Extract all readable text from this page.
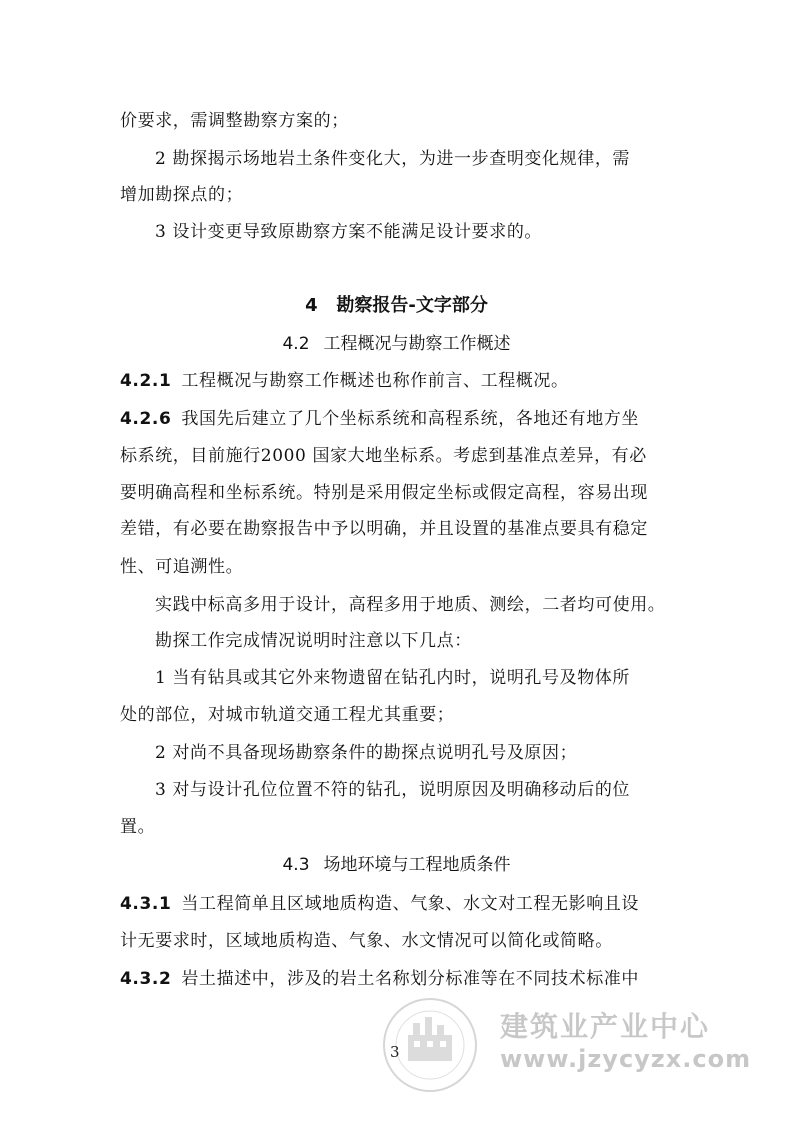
价要求，需调整勘察方案的；
2 勘探揭示场地岩土条件变化大，为进一步查明变化规律，需
增加勘探点的；
3 设计变更导致原勘察方案不能满足设计要求的。
4 勘察报告-文字部分
4.2 工程概况与勘察工作概述
4.2.1 工程概况与勘察工作概述也称作前言、工程概况。
4.2.6 我国先后建立了几个坐标系统和高程系统，各地还有地方坐
标系统，目前施行2000 国家大地坐标系。考虑到基准点差异，有必
要明确高程和坐标系统。特别是采用假定坐标或假定高程，容易出现
差错，有必要在勘察报告中予以明确，并且设置的基准点要具有稳定
性、可追溯性。
实践中标高多用于设计，高程多用于地质、测绘，二者均可使用。
勘探工作完成情况说明时注意以下几点：
1 当有钻具或其它外来物遗留在钻孔内时，说明孔号及物体所
处的部位，对城市轨道交通工程尤其重要；
2 对尚不具备现场勘察条件的勘探点说明孔号及原因；
3 对与设计孔位位置不符的钻孔，说明原因及明确移动后的位
置。
4.3 场地环境与工程地质条件
4.3.1 当工程简单且区域地质构造、气象、水文对工程无影响且设
计无要求时，区域地质构造、气象、水文情况可以简化或简略。
4.3.2 岩土描述中，涉及的岩土名称划分标准等在不同技术标准中
建筑业产业中心
www.jzycyzx.com
3
